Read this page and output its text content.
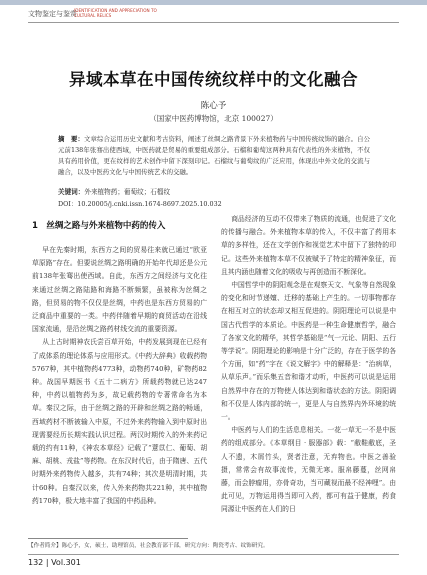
文物鉴定与鉴赏
IDENTIFICATION AND APPRECIATION TO CULTURAL RELICS
异域本草在中国传统纹样中的文化融合
陈心予
（国家中医药博物馆，北京 100027）
摘　要：文章综合运用历史文献和考古资料，阐述了丝绸之路背景下外来植物药与中国传统纹饰的融合。自公元前138年张骞出使西域，中医药就是贸易的重要组成部分。石榴和葡萄这两种具有代表性的外来植物，不仅具有药用价值，更在纹样的艺术创作中留下深刻印记。石榴纹与葡萄纹的广泛应用，体现出中外文化的交流与融合，以及中医药文化与中国传统艺术的交融。
关键词：外来植物药；葡萄纹；石榴纹
DOI：10.20005/j.cnki.issn.1674-8697.2025.10.032
1　丝绸之路与外来植物中药的传入

早在先秦时期，东西方之间的贸易往来就已通过“欧亚草原路”存在。但要说丝绸之路明确的开始年代却还是公元前138年张骞出使西域。自此，东西方之间经济与文化往来通过丝绸之路陆路和海路不断频繁，虽被称为丝绸之路，但贸易的物不仅仅是丝绸，中药也是东西方贸易的广泛商品中重要的一类。中药伴随着早期的商贸活动在沿线国家流通，是沿丝绸之路药材线交流的重要资源。

从上古时期神农氏尝百草开始，中药发展到现在已经有了成体系的理论体系与应用形式。《中药大辞典》收载药物5767种，其中植物药4773种，动物药740种，矿物药82种。战国早期医书《五十二病方》所载药物就已达247种，中药以植物药为多，故记载药物的专著常命名为本草。秦汉之际，由于丝绸之路的开辟和丝绸之路的畅通，西域药材不断被输入中原，不过外来药物输入到中原时出现需要经历长期实践认识过程。两汉时期传入的外来药记载的约有11种，《神农本草经》记载了“薏苡仁、葡萄、胡麻、胡桃、戎盐”等药物。在东汉时代后，由于隋唐、五代时期外来药物传入越多，共有74种；其次是明清时期，共计60种。自秦汉以来，传入外来药物共221种，其中植物药170种，极大地丰富了我国的中药品种。

商品经济的互动不仅带来了物质的流通，也促进了文化的传播与融合。外来植物本草的传入，不仅丰富了药用本草的多样性，还在文学创作和视觉艺术中留下了独特的印记。这些外来植物本草不仅被赋予了特定的精神象征，而且其内涵也随着文化的吸收与再创造而不断深化。

中国哲学中的阴阳观念是在观察天文、气象等自然现象的变化和时节递嬗、迁移的基础上产生的。一切事物都存在相互对立的状态却又相互促进的。阴阳理论可以说是中国古代哲学的本质论。中医药是一种生命健康哲学，融合了各家文化的精华，其哲学基础是“气一元论、阴阳、五行等学说”。阴阳理论的影响是十分广泛的，存在于医学的各个方面，如“药”字在《说文解字》中的解释是：“治病草，从草乐声。”而乐集五音和谐才动听，中医药可以说是运用自然界中存在的万物使人体达到和谐状态的方法。阴阳调和不仅是人体内部的统一，更是人与自然界内外环境的统一。

中医药与人们的生活息息相关。一花一草无一不是中医药的组成部分。《本草纲目 · 服器部》载：“敝鞋敝底，圣人不遗，木屑竹头，贤者注意，无弃物也。中医之善验摄，常常会有故事流传，无微无寒。服帛藤蔓，丝网帛藤，而会脖瘤用，亦骨奇功，当可藏视而最不经神哩”。由此可见，万物运用得当即可入药，都可有益于健康，药食同源让中医药在人们的日

【作者简介】陈心予，女，硕士，助理馆员，社会教育部干部，研究方向：陶瓷考古、纹饰研究。
132 | Vol.301
